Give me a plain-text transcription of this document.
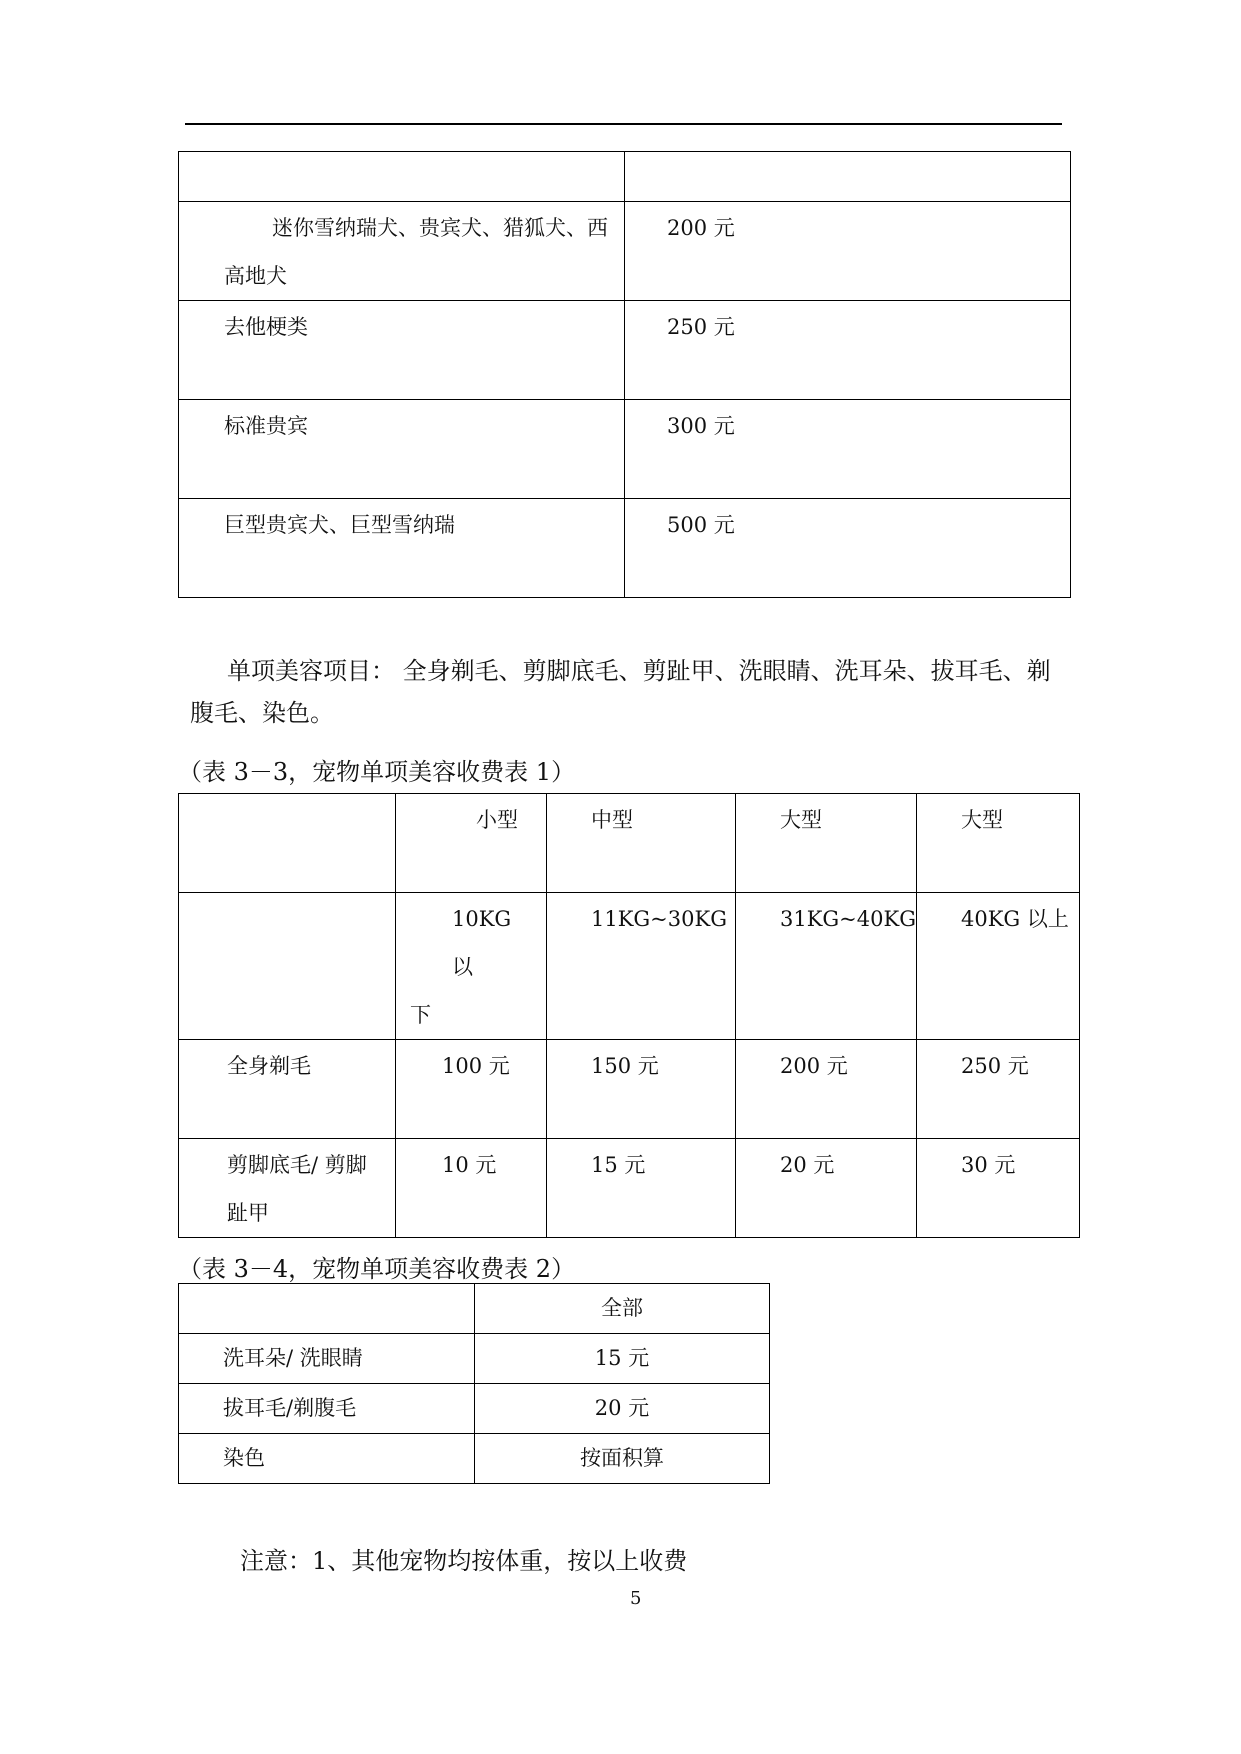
迷你雪纳瑞犬、贵宾犬、猎狐犬、西高地犬	200 元

去他梗类	250 元

标准贵宾	300 元

巨型贵宾犬、巨型雪纳瑞	500 元
单项美容项目： 全身剃毛、剪脚底毛、剪趾甲、洗眼睛、洗耳朵、拔耳毛、剃腹毛、染色。
（表 3－3，宠物单项美容收费表 1）

	小型	中型	大型	大型

	10KG　以
下	11KG~30KG	31KG~40KG	40KG 以上

全身剃毛	100 元	150 元	200 元	250 元

剪脚底毛/ 剪脚趾甲	10 元	15 元	20 元	30 元
（表 3－4，宠物单项美容收费表 2）

	全部

洗耳朵/ 洗眼睛	15 元

拔耳毛/剃腹毛	20 元

染色	按面积算
注意：1、其他宠物均按体重，按以上收费
5
